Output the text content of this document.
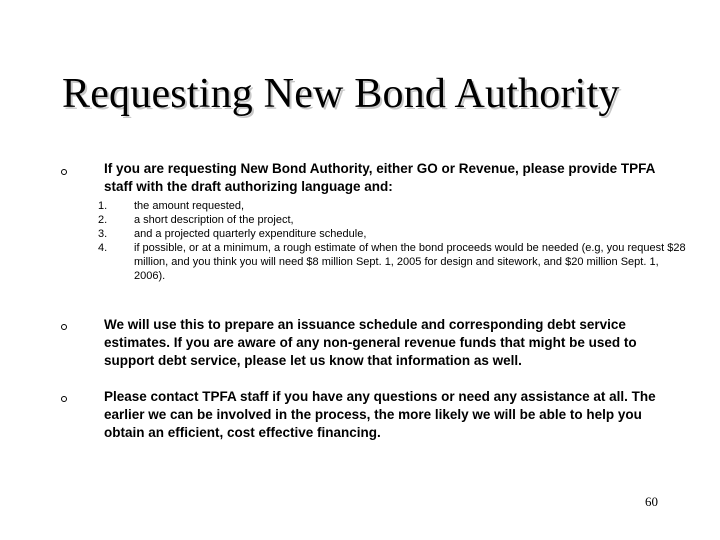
Requesting New Bond Authority

If you are requesting New Bond Authority, either GO or Revenue, please provide TPFA staff with the draft authorizing language and:

1. the amount requested,
2. a short description of the project,
3. and a projected quarterly expenditure schedule,
4. if possible, or at a minimum, a rough estimate of when the bond proceeds would be needed (e.g, you request $28 million, and you think you will need $8 million Sept. 1, 2005 for design and sitework, and $20 million Sept. 1, 2006).

We will use this to prepare an issuance schedule and corresponding debt service estimates. If you are aware of any non-general revenue funds that might be used to support debt service, please let us know that information as well.

Please contact TPFA staff if you have any questions or need any assistance at all. The earlier we can be involved in the process, the more likely we will be able to help you obtain an efficient, cost effective financing.

60
